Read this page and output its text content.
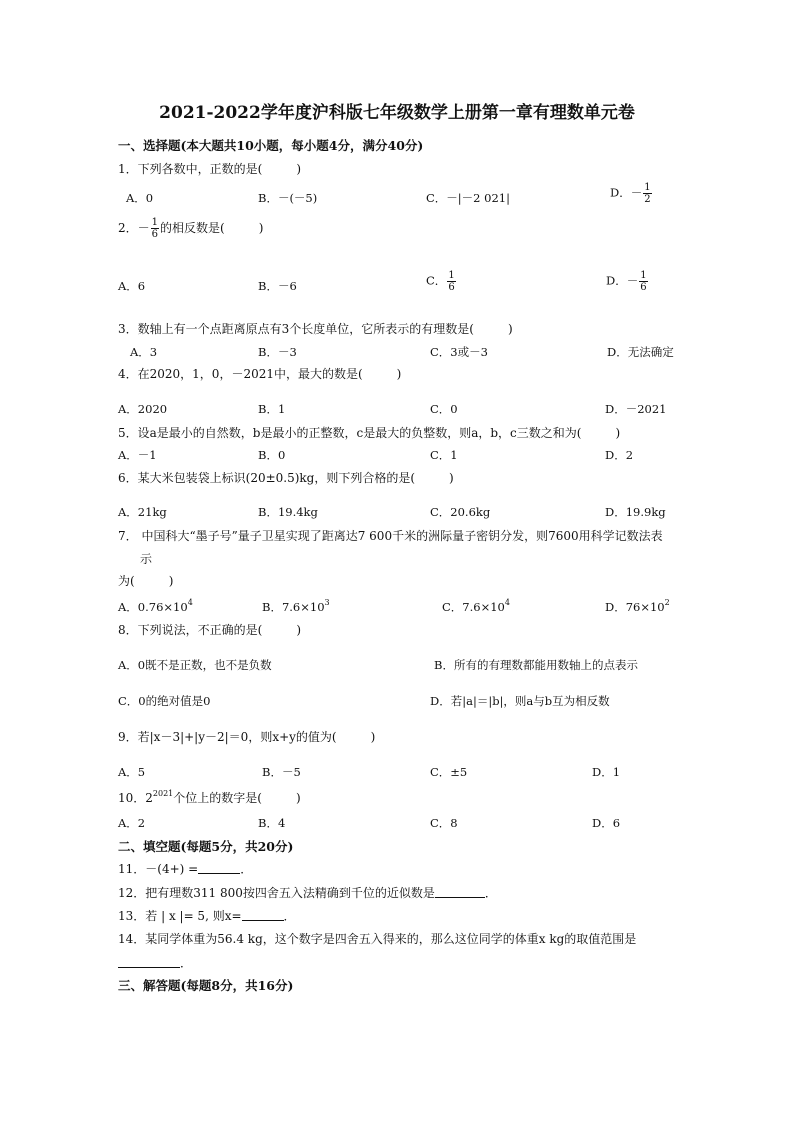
2021-2022学年度沪科版七年级数学上册第一章有理数单元卷
一、选择题(本大题共10小题，每小题4分，满分40分)
1．下列各数中，正数的是(	)
A．0	B．－(－5)	C．－|－2 021|	D．－ $\frac{1}{2}$
2．－ $\frac{1}{6}$ 的相反数是(	)
A．6	B．－6	C． $\frac{1}{6}$	D．－ $\frac{1}{6}$
3．数轴上有一个点距离原点有3个长度单位，它所表示的有理数是(	)
A．3	B．－3	C．3或－3	D．无法确定
4．在2020，1，0，－2021中，最大的数是(	)
A．2020	B．1	C．0	D．－2021
5．设a是最小的自然数，b是最小的正整数，c是最大的负整数，则a，b，c三数之和为(	)
A．－1	B．0	C．1	D．2
6．某大米包装袋上标识(20±0.5)kg，则下列合格的是(	)
A．21kg	B．19.4kg	C．20.6kg	D．19.9kg
7． 中国科大“墨子号”量子卫星实现了距离达7 600千米的洲际量子密钥分发，则7600用科学记数法表
示
为(	)
A．$0.76\times 10^4$	B．$7.6\times 10^3$	C．$7.6\times 10^4$	D．$76\times 10^2$
8．下列说法，不正确的是(	)
A．0既不是正数，也不是负数	B．所有的有理数都能用数轴上的点表示
C．0的绝对值是0	D．若|a|＝|b|，则a与b互为相反数
9．若|x－3|+|y－2|＝0，则x+y的值为(	)
A．5	B．－5	C．±5	D．1
10．$2^{2021}$个位上的数字是(	)
A．2	B．4	C．8	D．6
二、填空题(每题5分，共20分)
11．－(4+) =	．
12．把有理数311 800按四舍五入法精确到千位的近似数是	．
13．若 | x |= 5, 则x=	．
14．某同学体重为56.4 kg，这个数字是四舍五入得来的，那么这位同学的体重x kg的取值范围是
．
三、解答题(每题8分，共16分)
